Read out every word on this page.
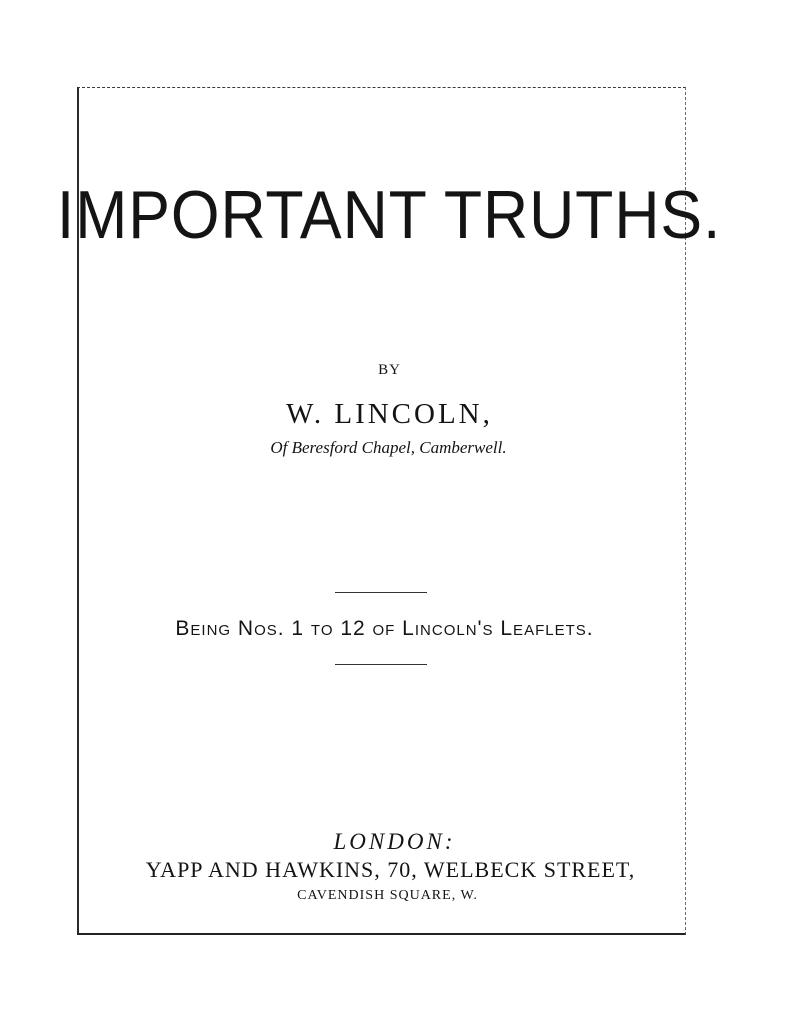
IMPORTANT TRUTHS.
BY
W. LINCOLN,
Of Beresford Chapel, Camberwell.
Being Nos. 1 to 12 of Lincoln's Leaflets.
LONDON:
YAPP AND HAWKINS, 70, WELBECK STREET,
CAVENDISH SQUARE, W.
